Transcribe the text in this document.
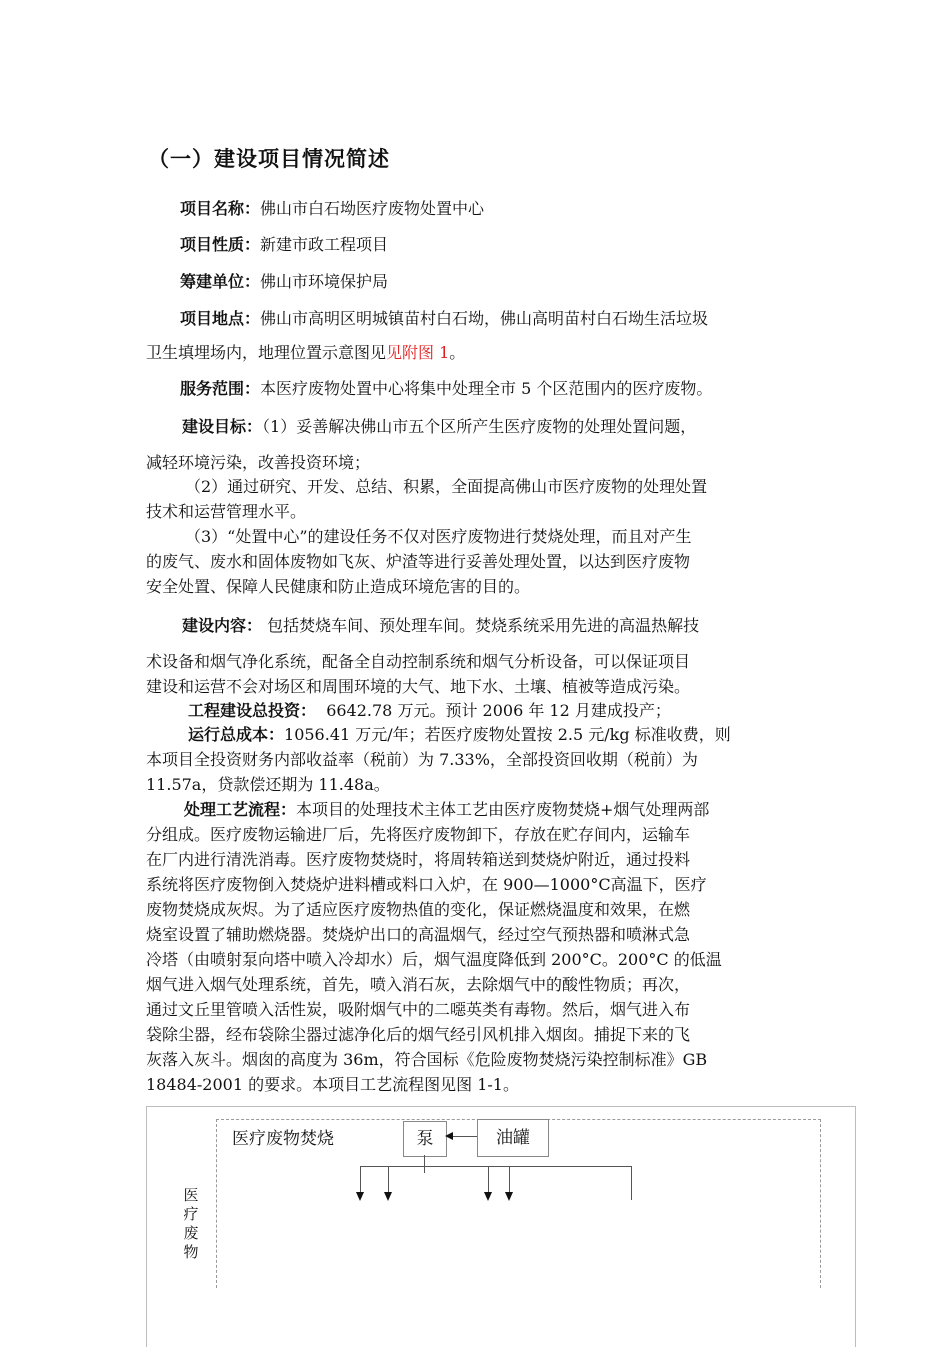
（一）建设项目情况简述
项目名称：佛山市白石坳医疗废物处置中心
项目性质：新建市政工程项目
筹建单位：佛山市环境保护局
项目地点：佛山市高明区明城镇苗村白石坳，佛山高明苗村白石坳生活垃圾
卫生填埋场内，地理位置示意图见见附图 1。
服务范围：本医疗废物处置中心将集中处理全市 5 个区范围内的医疗废物。
建设目标：（1）妥善解决佛山市五个区所产生医疗废物的处理处置问题，
减轻环境污染，改善投资环境；
（2）通过研究、开发、总结、积累，全面提高佛山市医疗废物的处理处置
技术和运营管理水平。
（3）“处置中心”的建设任务不仅对医疗废物进行焚烧处理，而且对产生
的废气、废水和固体废物如飞灰、炉渣等进行妥善处理处置，以达到医疗废物
安全处置、保障人民健康和防止造成环境危害的目的。
建设内容： 包括焚烧车间、预处理车间。焚烧系统采用先进的高温热解技
术设备和烟气净化系统，配备全自动控制系统和烟气分析设备，可以保证项目
建设和运营不会对场区和周围环境的大气、地下水、土壤、植被等造成污染。
工程建设总投资： 6642.78 万元。预计 2006 年 12 月建成投产；
运行总成本：1056.41 万元/年；若医疗废物处置按 2.5 元/kg 标准收费，则
本项目全投资财务内部收益率（税前）为 7.33%，全部投资回收期（税前）为
11.57a，贷款偿还期为 11.48a。
处理工艺流程：本项目的处理技术主体工艺由医疗废物焚烧+烟气处理两部
分组成。医疗废物运输进厂后，先将医疗废物卸下，存放在贮存间内，运输车
在厂内进行清洗消毒。医疗废物焚烧时，将周转箱送到焚烧炉附近，通过投料
系统将医疗废物倒入焚烧炉进料槽或料口入炉，在 900—1000°C高温下，医疗
废物焚烧成灰烬。为了适应医疗废物热值的变化，保证燃烧温度和效果，在燃
烧室设置了辅助燃烧器。焚烧炉出口的高温烟气，经过空气预热器和喷淋式急
冷塔（由喷射泵向塔中喷入冷却水）后，烟气温度降低到 200°C。200°C 的低温
烟气进入烟气处理系统，首先，喷入消石灰，去除烟气中的酸性物质；再次，
通过文丘里管喷入活性炭，吸附烟气中的二噁英类有毒物。然后，烟气进入布
袋除尘器，经布袋除尘器过滤净化后的烟气经引风机排入烟囱。捕捉下来的飞
灰落入灰斗。烟囱的高度为 36m，符合国标《危险废物焚烧污染控制标准》GB
18484-2001 的要求。本项目工艺流程图见图 1-1。
医疗废物焚烧	泵	油罐
医疗废物
